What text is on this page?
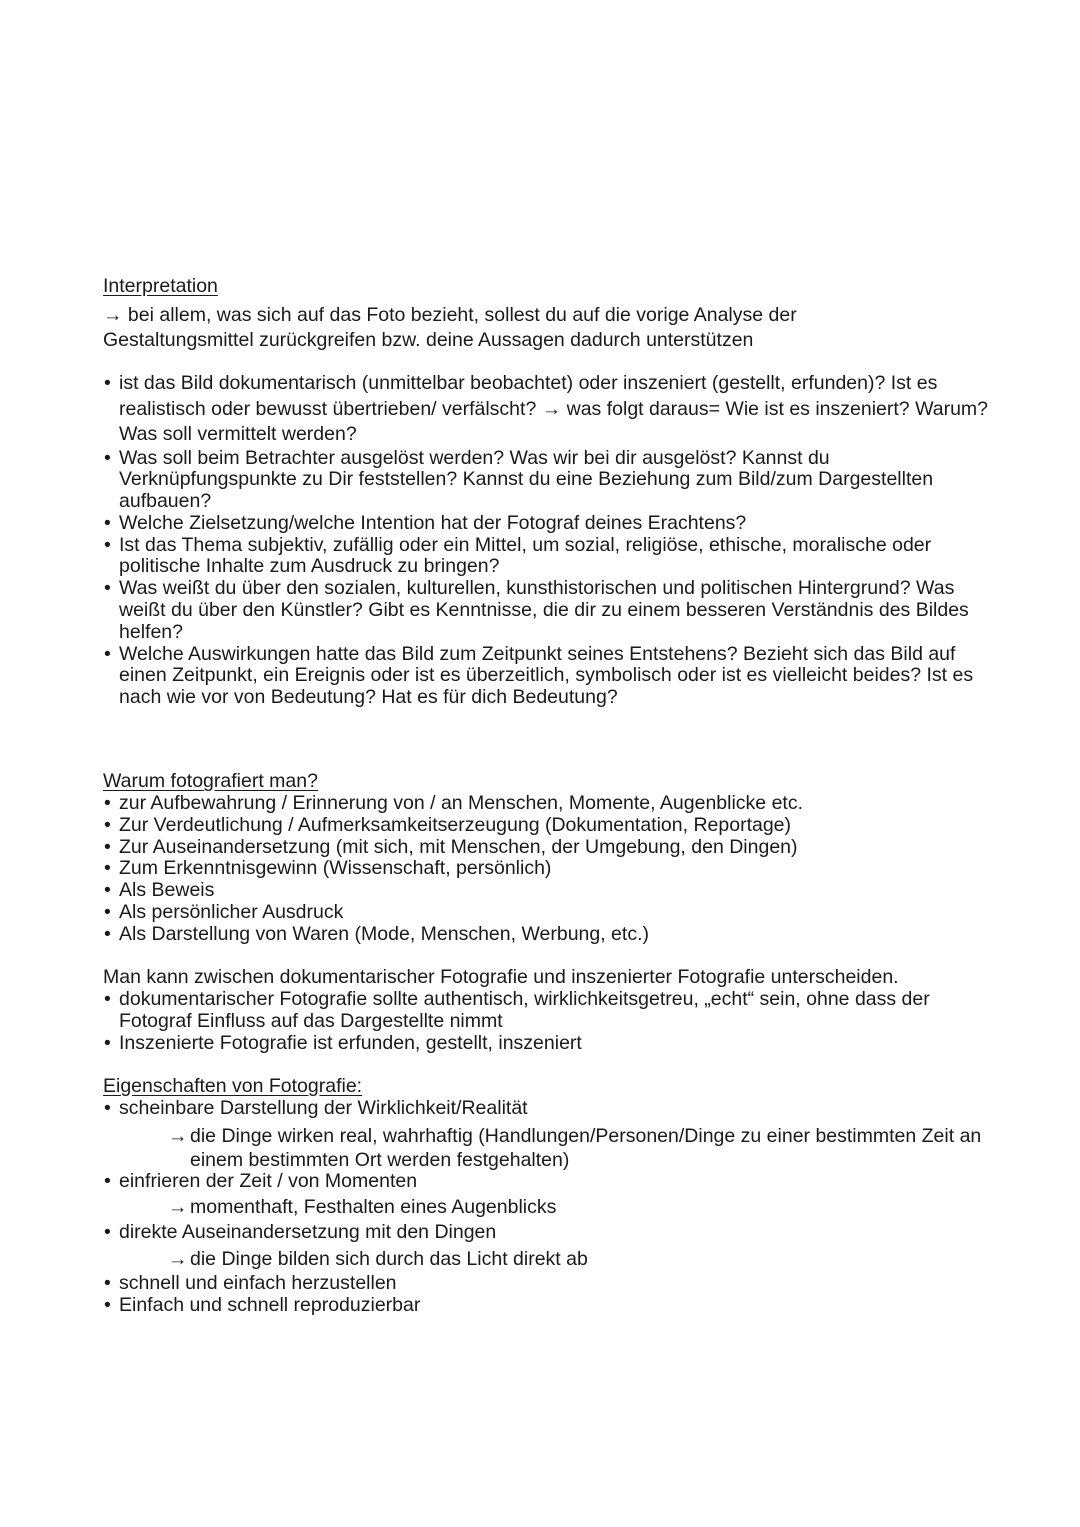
Interpretation
→ bei allem, was sich auf das Foto bezieht, sollest du auf die vorige Analyse der Gestaltungsmittel zurückgreifen bzw. deine Aussagen dadurch unterstützen
• ist das Bild dokumentarisch (unmittelbar beobachtet) oder inszeniert (gestellt, erfunden)? Ist es realistisch oder bewusst übertrieben/ verfälscht? → was folgt daraus= Wie ist es inszeniert? Warum? Was soll vermittelt werden?
• Was soll beim Betrachter ausgelöst werden? Was wir bei dir ausgelöst? Kannst du Verknüpfungspunkte zu Dir feststellen? Kannst du eine Beziehung zum Bild/zum Dargestellten aufbauen?
• Welche Zielsetzung/welche Intention hat der Fotograf deines Erachtens?
• Ist das Thema subjektiv, zufällig oder ein Mittel, um sozial, religiöse, ethische, moralische oder politische Inhalte zum Ausdruck zu bringen?
• Was weißt du über den sozialen, kulturellen, kunsthistorischen und politischen Hintergrund? Was weißt du über den Künstler? Gibt es Kenntnisse, die dir zu einem besseren Verständnis des Bildes helfen?
• Welche Auswirkungen hatte das Bild zum Zeitpunkt seines Entstehens? Bezieht sich das Bild auf einen Zeitpunkt, ein Ereignis oder ist es überzeitlich, symbolisch oder ist es vielleicht beides? Ist es nach wie vor von Bedeutung? Hat es für dich Bedeutung?
Warum fotografiert man?
• zur Aufbewahrung / Erinnerung von / an Menschen, Momente, Augenblicke etc.
• Zur Verdeutlichung / Aufmerksamkeitserzeugung (Dokumentation, Reportage)
• Zur Auseinandersetzung (mit sich, mit Menschen, der Umgebung, den Dingen)
• Zum Erkenntnisgewinn (Wissenschaft, persönlich)
• Als Beweis
• Als persönlicher Ausdruck
• Als Darstellung von Waren (Mode, Menschen, Werbung, etc.)
Man kann zwischen dokumentarischer Fotografie und inszenierter Fotografie unterscheiden.
• dokumentarischer Fotografie sollte authentisch, wirklichkeitsgetreu, „echt“ sein, ohne dass der Fotograf Einfluss auf das Dargestellte nimmt
• Inszenierte Fotografie ist erfunden, gestellt, inszeniert
Eigenschaften von Fotografie:
• scheinbare Darstellung der Wirklichkeit/Realität
→ die Dinge wirken real, wahrhaftig (Handlungen/Personen/Dinge zu einer bestimmten Zeit an einem bestimmten Ort werden festgehalten)
• einfrieren der Zeit / von Momenten
→ momenthaft, Festhalten eines Augenblicks
• direkte Auseinandersetzung mit den Dingen
→ die Dinge bilden sich durch das Licht direkt ab
• schnell und einfach herzustellen
• Einfach und schnell reproduzierbar
